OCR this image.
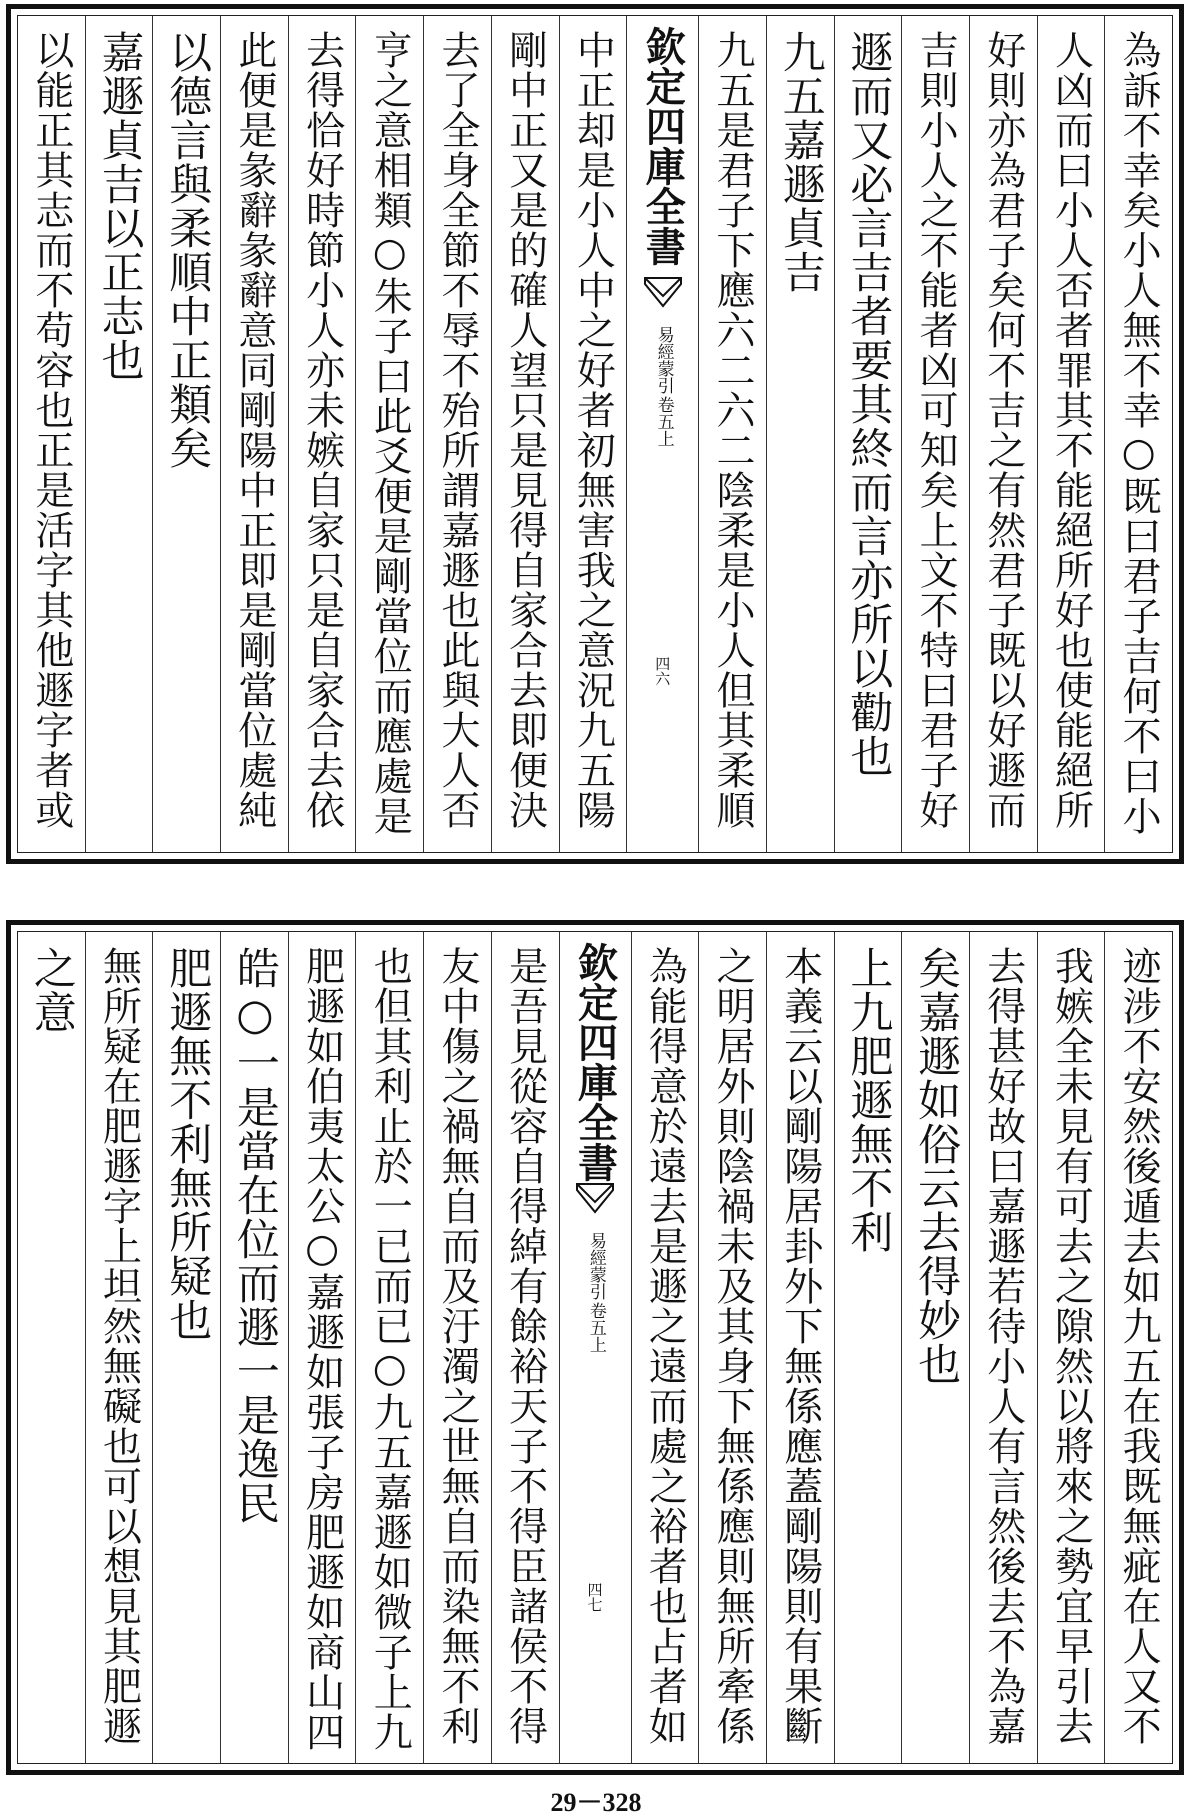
為訴不幸矣小人無不幸○既曰君子吉何不曰小
人凶而曰小人否者罪其不能絕所好也使能絕所
好則亦為君子矣何不吉之有然君子既以好遯而
吉則小人之不能者凶可知矣上文不特曰君子好
遯而又必言吉者要其終而言亦所以勸也
九五嘉遯貞吉
九五是君子下應六二六二陰柔是小人但其柔順
欽定四庫全書
易經蒙引
卷五上
四六
中正却是小人中之好者初無害我之意況九五陽
剛中正又是的確人望只是見得自家合去即便決
去了全身全節不辱不殆所謂嘉遯也此與大人否
亨之意相類○朱子曰此爻便是剛當位而應處是
去得恰好時節小人亦未嫉自家只是自家合去依
此便是彖辭彖辭意同剛陽中正即是剛當位處純
以德言與柔順中正類矣
嘉遯貞吉以正志也
以能正其志而不苟容也正是活字其他遯字者或
迹涉不安然後遁去如九五在我既無疵在人又不
我嫉全未見有可去之隙然以將來之勢宜早引去
去得甚好故曰嘉遯若待小人有言然後去不為嘉
矣嘉遯如俗云去得妙也
上九肥遯無不利
本義云以剛陽居卦外下無係應蓋剛陽則有果斷
之明居外則陰禍未及其身下無係應則無所牽係
為能得意於遠去是遯之遠而處之裕者也占者如
欽定四庫全書
易經蒙引
卷五上
四七
是吾見從容自得綽有餘裕天子不得臣諸侯不得
友中傷之禍無自而及汙濁之世無自而染無不利
也但其利止於一已而已○九五嘉遯如微子上九
肥遯如伯夷太公○嘉遯如張子房肥遯如商山四
皓○一是當在位而遯一是逸民
肥遯無不利無所疑也
無所疑在肥遯字上坦然無礙也可以想見其肥遯
之意
29－328
